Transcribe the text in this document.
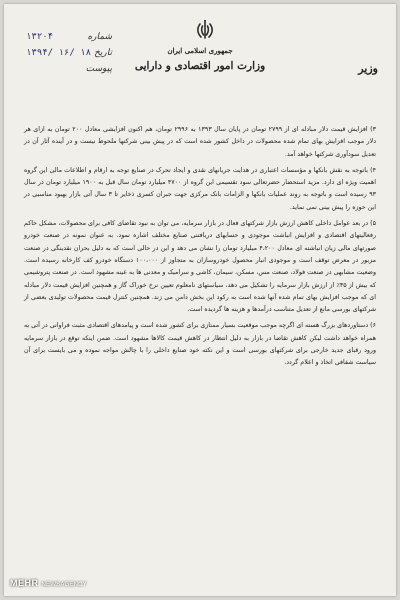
جمهوری اسلامی ایران
وزارت امور اقتصادی و دارایی	وزیر
شماره
۱۳۲۰۴
تاریخ
۱۳۹۴/ ۱۶/ ۱۸
پیوست

۳) افزایش قیمت دلار مبادله ای از ۲۷۹۹ تومان در پایان سال ۱۳۹۳ به ۲۹۹۶ تومان، هم اکنون افزایشی معادل ۲۰۰ تومان به ازای هر دلار موجب افزایش بهای تمام شده محصولات در داخل کشور شده است که در پیش بینی شرکتها ملحوظ نیست و در آینده آثار آن در تعدیل سودآوری شرکتها خواهد آمد.

۴) باتوجه به نقش بانکها و مؤسسات اعتباری در هدایت جریانهای نقدی و ایجاد تحرک در صنایع توجه به ارقام و اطلاعات مالی این گروه اهمیت ویژه ای دارد. مزید استحضار حضرتعالی سود تقسیمی این گروه از ۴۷۰۰ میلیارد تومان سال قبل به ۱۹۰۰ میلیارد تومان در سال ۹۳ رسیده است و باتوجه به روند عملیات بانکها و الزامات بانک مرکزی جهت جبران کسری ذخایر تا ۳ سال آتی بازار بهبود مناسبی در این حوزه را پیش بینی نمی نماید.

۵) در بعد عوامل داخلی کاهش ارزش بازار شرکتهای فعال در بازار سرمایه، می توان به نبود تقاضای کافی برای محصولات، مشکل حاکم رفعالیتهای اقتصادی و افزایش انباشت موجودی و حسابهای دریافتنی صنایع مختلف اشاره نمود. به عنوان نمونه در صنعت خودرو صورتهای مالی زیان انباشته ای معادل ۴،۲۰۰ میلیارد تومان را نشان می دهد و این در حالی است که به دلیل بحران نقدینگی در صنعت مزبور در معرض توقف است و موجودی انبار محصول خودروسازان به متجاوز از ۱۰۰،۰۰۰ دستگاه خودرو کف کارخانه رسیده است. وضعیت مشابهی در صنعت فولاد، صنعت مس، مسکن، سیمان، کاشی و سرامیک و معدنی ها به عینه مشهود است. در صنعت پتروشیمی که بیش از ۳۵٪ از ارزش بازار سرمایه را تشکیل می دهد، سیاستهای نامعلوم تعیین نرخ خوراک گاز و همچنین افزایش قیمت دلار مبادله ای که موجب افزایش بهای تمام شده آنها شده است به رکود این بخش دامن می زند. همچنین کنترل قیمت محصولات تولیدی بعضی از شرکتهای بورسی مانع از تعدیل متناسب درآمدها و هزینه ها گردیده است.

۶) دستاوردهای بزرگ هسته ای اگرچه موجب موقعیت بسیار ممتازی برای کشور شده است و پیامدهای اقتصادی مثبت فراوانی در آتی به همراه خواهد داشت لیکن کاهش تقاضا در بازار به دلیل انتظار در کاهش قیمت کالاها مشهود است. ضمن اینکه توقع در بازار سرمایه ورود رقبای جدید خارجی برای شرکتهای بورسی است و این نکته خود صنایع داخلی را با چالش مواجه نموده و می بایست برای آن سیاست شفافی اتخاذ و اعلام گردد.

MEHR NEWSAGENCY
